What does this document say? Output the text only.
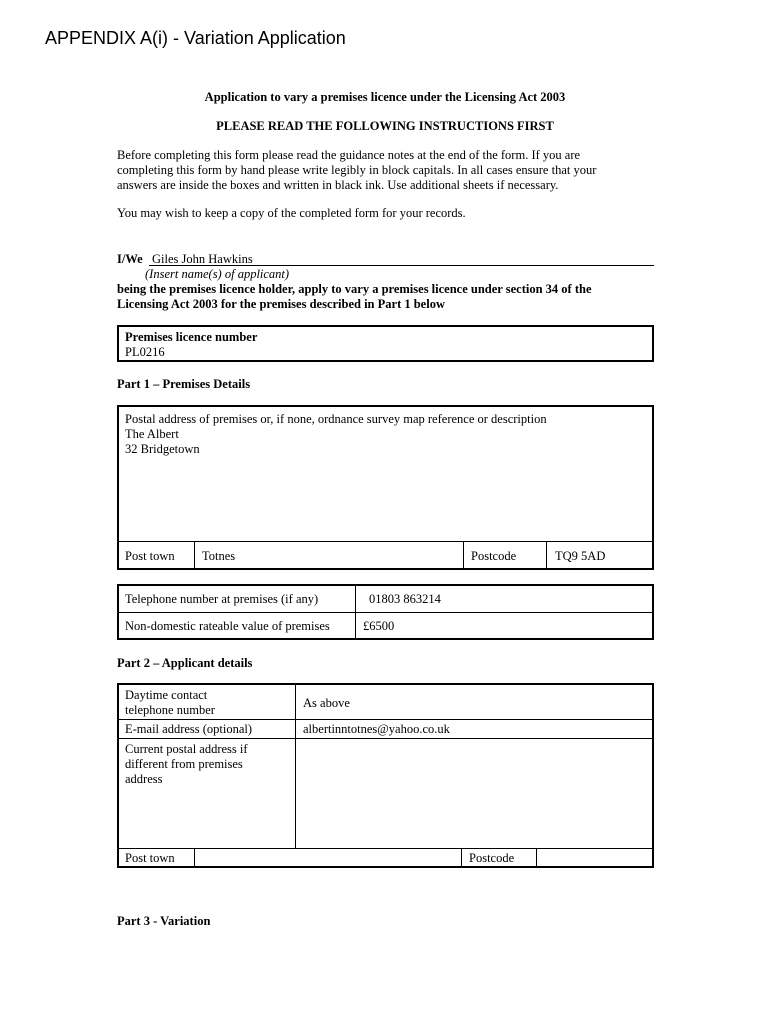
APPENDIX A(i) - Variation Application
Application to vary a premises licence under the Licensing Act 2003
PLEASE READ THE FOLLOWING INSTRUCTIONS FIRST
Before completing this form please read the guidance notes at the end of the form. If you are
completing this form by hand please write legibly in block capitals. In all cases ensure that your
answers are inside the boxes and written in black ink. Use additional sheets if necessary.
You may wish to keep a copy of the completed form for your records.
I/We Giles John Hawkins
(Insert name(s) of applicant)
being the premises licence holder, apply to vary a premises licence under section 34 of the
Licensing Act 2003 for the premises described in Part 1 below
Premises licence number
PL0216
Part 1 – Premises Details
Postal address of premises or, if none, ordnance survey map reference or description
The Albert
32 Bridgetown
Post town Totnes	Postcode	TQ9 5AD
Telephone number at premises (if any)	01803 863214
Non-domestic rateable value of premises	£6500
Part 2 – Applicant details
Daytime contact
telephone number	As above
E-mail address (optional)	albertinntotnes@yahoo.co.uk
Current postal address if
different from premises
address
Post town	Postcode
Part 3 - Variation
